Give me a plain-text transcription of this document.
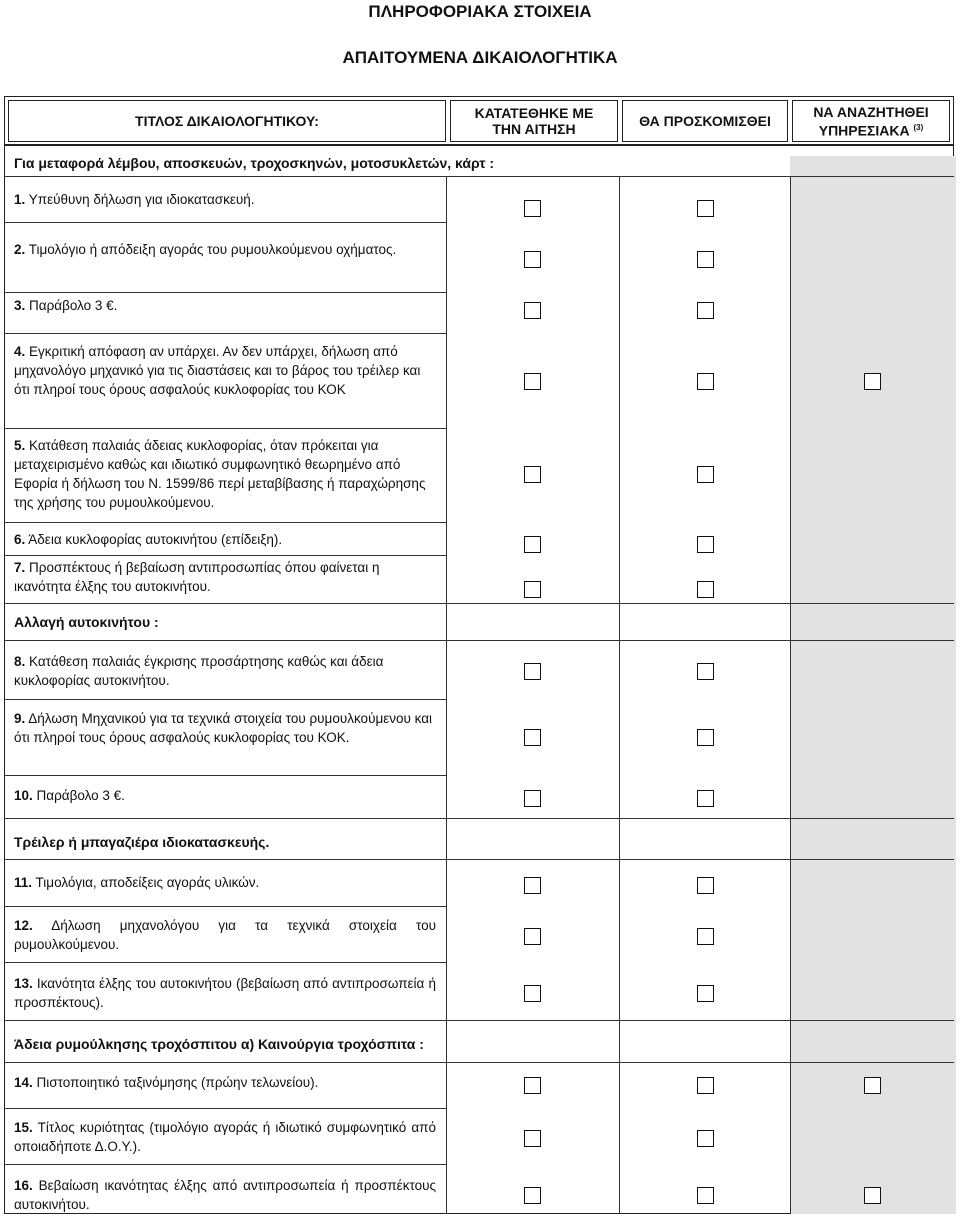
ΠΛΗΡΟΦΟΡΙΑΚΑ ΣΤΟΙΧΕΙΑ
ΑΠΑΙΤΟΥΜΕΝΑ ΔΙΚΑΙΟΛΟΓΗΤΙΚΑ
ΤΙΤΛΟΣ ΔΙΚΑΙΟΛΟΓΗΤΙΚΟΥ:	ΚΑΤΑΤΕΘΗΚΕ ΜΕ
ΤΗΝ ΑΙΤΗΣΗ	ΘΑ ΠΡΟΣΚΟΜΙΣΘΕΙ
ΝΑ ΑΝΑΖΗΤΗΘΕΙ
ΥΠΗΡΕΣΙΑΚΑ $^{(3)}$
Για μεταφορά λέμβου, αποσκευών, τροχοσκηνών, μοτοσυκλετών, κάρτ :
Αλλαγή αυτοκινήτου :
Τρέιλερ ή μπαγαζιέρα ιδιοκατασκευής.
Άδεια ρυμούλκησης τροχόσπιτου α) Καινούργια τροχόσπιτα :
1. Υπεύθυνη δήλωση για ιδιοκατασκευή.
2. Τιμολόγιο ή απόδειξη αγοράς του ρυμουλκούμενου οχήματος.
3. Παράβολο 3 €.
4. Εγκριτική απόφαση αν υπάρχει. Αν δεν υπάρχει, δήλωση από μηχανολόγο μηχανικό για τις διαστάσεις και το βάρος του τρέιλερ και ότι πληροί τους όρους ασφαλούς κυκλοφορίας του ΚΟΚ
5. Κατάθεση παλαιάς άδειας κυκλοφορίας, όταν πρόκειται για μεταχειρισμένο καθώς και ιδιωτικό συμφωνητικό θεωρημένο από Εφορία ή δήλωση του Ν. 1599/86 περί μεταβίβασης ή παραχώρησης της χρήσης του ρυμουλκούμενου.
6. Άδεια κυκλοφορίας αυτοκινήτου (επίδειξη).
7. Προσπέκτους ή βεβαίωση αντιπροσωπίας όπου φαίνεται η ικανότητα έλξης του αυτοκινήτου.
8. Κατάθεση παλαιάς έγκρισης προσάρτησης καθώς και άδεια κυκλοφορίας αυτοκινήτου.
9. Δήλωση Μηχανικού για τα τεχνικά στοιχεία του ρυμουλκούμενου και ότι πληροί τους όρους ασφαλούς κυκλοφορίας του ΚΟΚ.
10. Παράβολο 3 €.
11. Τιμολόγια, αποδείξεις αγοράς υλικών.
12. Δήλωση μηχανολόγου για τα τεχνικά στοιχεία του ρυμουλκούμενου.
13. Ικανότητα έλξης του αυτοκινήτου (βεβαίωση από αντιπροσωπεία ή προσπέκτους).
14. Πιστοποιητικό ταξινόμησης (πρώην τελωνείου).
15. Τίτλος κυριότητας (τιμολόγιο αγοράς ή ιδιωτικό συμφωνητικό από οποιαδήποτε Δ.Ο.Υ.).
16. Βεβαίωση ικανότητας έλξης από αντιπροσωπεία ή προσπέκτους αυτοκινήτου.
